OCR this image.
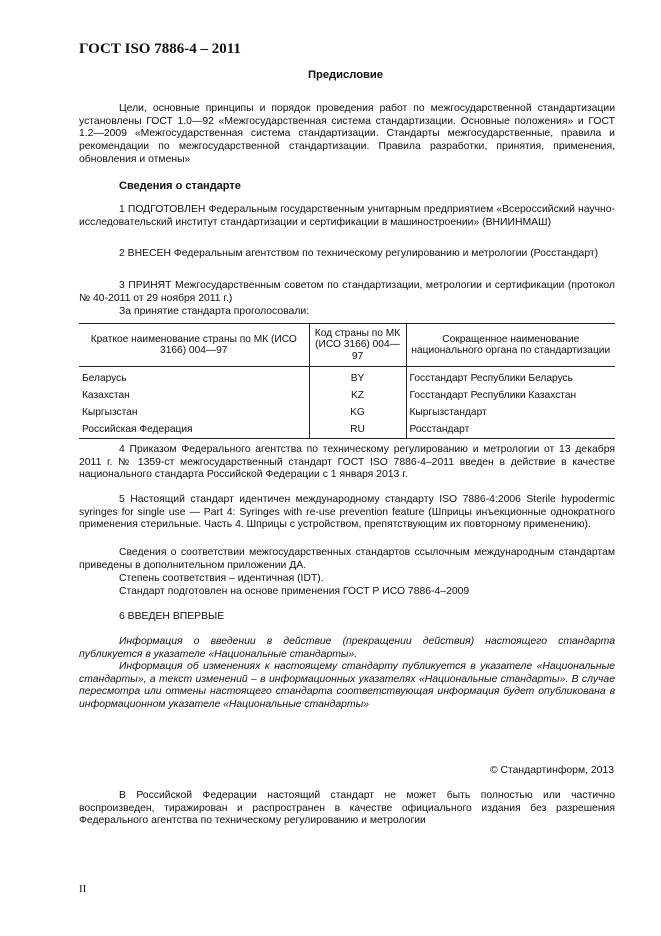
ГОСТ ISO 7886-4 – 2011
Предисловие
Цели, основные принципы и порядок проведения работ по межгосударственной стандартизации установлены ГОСТ 1.0—92 «Межгосударственная система стандартизации. Основные положения» и ГОСТ 1.2—2009 «Межгосударственная система стандартизации. Стандарты межгосударственные, правила и рекомендации по межгосударственной стандартизации. Правила разработки, принятия, применения, обновления и отмены»
Сведения о стандарте
1 ПОДГОТОВЛЕН Федеральным государственным унитарным предприятием «Всероссийский научно-исследовательский институт стандартизации и сертификации в машиностроении» (ВНИИНМАШ)
2 ВНЕСЕН Федеральным агентством по техническому регулированию и метрологии (Росстандарт)
3 ПРИНЯТ Межгосударственным советом по стандартизации, метрологии и сертификации (протокол № 40-2011 от 29 ноября 2011 г.)
За принятие стандарта проголосовали:
Краткое наименование страны по МК (ИСО 3166) 004—97	Код страны по МК (ИСО 3166) 004—97	Сокращенное наименование национального органа по стандартизации
Беларусь	BY	Госстандарт Республики Беларусь
Казахстан	KZ	Госстандарт Республики Казахстан
Кыргызстан	KG	Кыргызстандарт
Российская Федерация	RU	Росстандарт
4 Приказом Федерального агентства по техническому регулированию и метрологии от 13 декабря 2011 г. № 1359-ст межгосударственный стандарт ГОСТ ISO 7886-4–2011 введен в действие в качестве национального стандарта Российской Федерации с 1 января 2013 г.
5 Настоящий стандарт идентичен международному стандарту ISO 7886-4:2006 Sterile hypodermic syringes for single use — Part 4: Syringes with re-use prevention feature (Шприцы инъекционные однократного применения стерильные. Часть 4. Шприцы с устройством, препятствующим их повторному применению).
Сведения о соответствии межгосударственных стандартов ссылочным международным стандартам приведены в дополнительном приложении ДА.
Степень соответствия – идентичная (IDT).
Стандарт подготовлен на основе применения ГОСТ Р ИСО 7886-4–2009
6 ВВЕДЕН ВПЕРВЫЕ
Информация о введении в действие (прекращении действия) настоящего стандарта публикуется в указателе «Национальные стандарты».
Информация об изменениях к настоящему стандарту публикуется в указателе «Национальные стандарты», а текст изменений – в информационных указателях «Национальные стандарты». В случае пересмотра или отмены настоящего стандарта соответствующая информация будет опубликована в информационном указателе «Национальные стандарты»
© Стандартинформ, 2013
В Российской Федерации настоящий стандарт не может быть полностью или частично воспроизведен, тиражирован и распространен в качестве официального издания без разрешения Федерального агентства по техническому регулированию и метрологии
II
